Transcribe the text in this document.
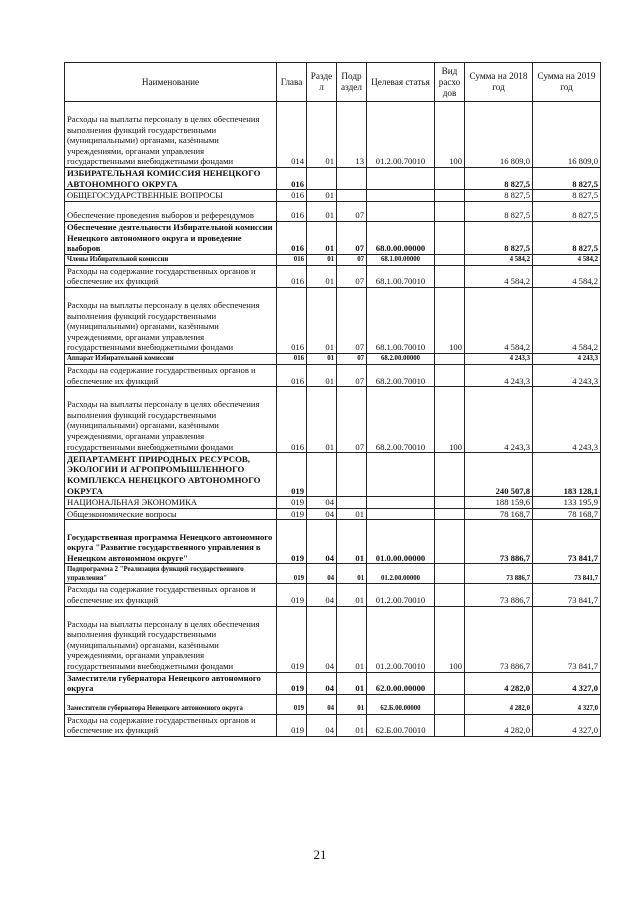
Наименование	Глава	Разде л	Подр аздел	Целевая статья	Вид расхо дов	Сумма на 2018 год	Сумма на 2019 год
Расходы на выплаты персоналу в целях обеспечения выполнения функций государственными (муниципальными) органами, казёнными учреждениями, органами управления государственными внебюджетными фондами	014	01	13	01.2.00.70010	100	16 809,0	16 809,0
ИЗБИРАТЕЛЬНАЯ КОМИССИЯ НЕНЕЦКОГО АВТОНОМНОГО ОКРУГА	016					8 827,5	8 827,5
ОБЩЕГОСУДАРСТВЕННЫЕ ВОПРОСЫ	016	01				8 827,5	8 827,5
Обеспечение проведения выборов и референдумов	016	01	07			8 827,5	8 827,5
Обеспечение деятельности Избирательной комиссии Ненецкого автономного округа и проведение выборов	016	01	07	68.0.00.00000		8 827,5	8 827,5
Члены Избирательной комиссии	016	01	07	68.1.00.00000		4 584,2	4 584,2
Расходы на содержание государственных органов и обеспечение их функций	016	01	07	68.1.00.70010		4 584,2	4 584,2
Расходы на выплаты персоналу в целях обеспечения выполнения функций государственными (муниципальными) органами, казёнными учреждениями, органами управления государственными внебюджетными фондами	016	01	07	68.1.00.70010	100	4 584,2	4 584,2
Аппарат Избирательной комиссии	016	01	07	68.2.00.00000		4 243,3	4 243,3
Расходы на содержание государственных органов и обеспечение их функций	016	01	07	68.2.00.70010		4 243,3	4 243,3
Расходы на выплаты персоналу в целях обеспечения выполнения функций государственными (муниципальными) органами, казёнными учреждениями, органами управления государственными внебюджетными фондами	016	01	07	68.2.00.70010	100	4 243,3	4 243,3
ДЕПАРТАМЕНТ ПРИРОДНЫХ РЕСУРСОВ, ЭКОЛОГИИ И АГРОПРОМЫШЛЕННОГО КОМПЛЕКСА НЕНЕЦКОГО АВТОНОМНОГО ОКРУГА	019					240 507,8	183 128,1
НАЦИОНАЛЬНАЯ ЭКОНОМИКА	019	04				188 159,6	133 195,9
Общеэкономические вопросы	019	04	01			78 168,7	78 168,7
Государственная программа Ненецкого автономного округа "Развитие государственного управления в Ненецком автономном округе"	019	04	01	01.0.00.00000		73 886,7	73 841,7
Подпрограмма 2 "Реализация функций государственного управления"	019	04	01	01.2.00.00000		73 886,7	73 841,7
Расходы на содержание государственных органов и обеспечение их функций	019	04	01	01.2.00.70010		73 886,7	73 841,7
Расходы на выплаты персоналу в целях обеспечения выполнения функций государственными (муниципальными) органами, казёнными учреждениями, органами управления государственными внебюджетными фондами	019	04	01	01.2.00.70010	100	73 886,7	73 841,7
Заместители губернатора Ненецкого автономного округа	019	04	01	62.0.00.00000		4 282,0	4 327,0
Заместители губернатора Ненецкого автономного округа	019	04	01	62.Б.00.00000		4 282,0	4 327,0
Расходы на содержание государственных органов и обеспечение их функций	019	04	01	62.Б.00.70010		4 282,0	4 327,0
21
